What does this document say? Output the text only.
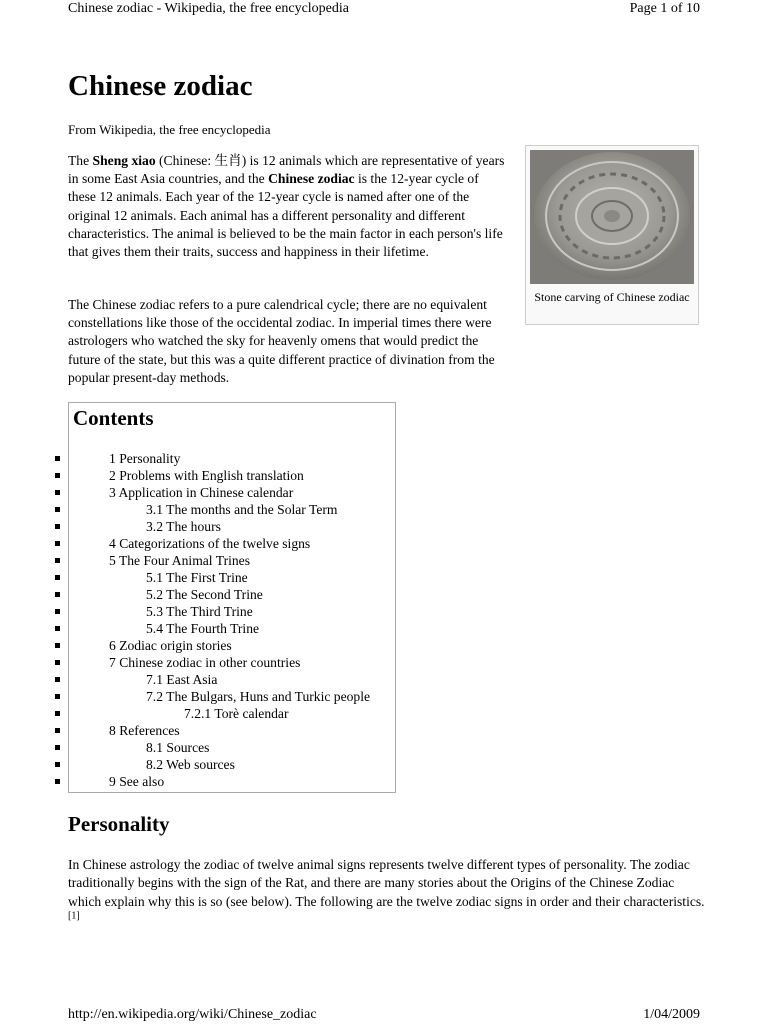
Chinese zodiac - Wikipedia, the free encyclopedia	Page 1 of 10
Chinese zodiac
From Wikipedia, the free encyclopedia

The Sheng xiao (Chinese: 生肖) is 12 animals which are representative of years in some East Asia countries, and the Chinese zodiac is the 12-year cycle of these 12 animals. Each year of the 12-year cycle is named after one of the original 12 animals. Each animal has a different personality and different characteristics. The animal is believed to be the main factor in each person's life that gives them their traits, success and happiness in their lifetime.

The Chinese zodiac refers to a pure calendrical cycle; there are no equivalent constellations like those of the occidental zodiac. In imperial times there were astrologers who watched the sky for heavenly omens that would predict the future of the state, but this was a quite different practice of divination from the popular present-day methods.

Stone carving of Chinese zodiac
Contents
1 Personality
2 Problems with English translation
3 Application in Chinese calendar
3.1 The months and the Solar Term
3.2 The hours
4 Categorizations of the twelve signs
5 The Four Animal Trines
5.1 The First Trine
5.2 The Second Trine
5.3 The Third Trine
5.4 The Fourth Trine
6 Zodiac origin stories
7 Chinese zodiac in other countries
7.1 East Asia
7.2 The Bulgars, Huns and Turkic people
7.2.1 Torè calendar
8 References
8.1 Sources
8.2 Web sources
9 See also
Personality

In Chinese astrology the zodiac of twelve animal signs represents twelve different types of personality. The zodiac traditionally begins with the sign of the Rat, and there are many stories about the Origins of the Chinese Zodiac which explain why this is so (see below). The following are the twelve zodiac signs in order and their characteristics.[1]

http://en.wikipedia.org/wiki/Chinese_zodiac	1/04/2009
